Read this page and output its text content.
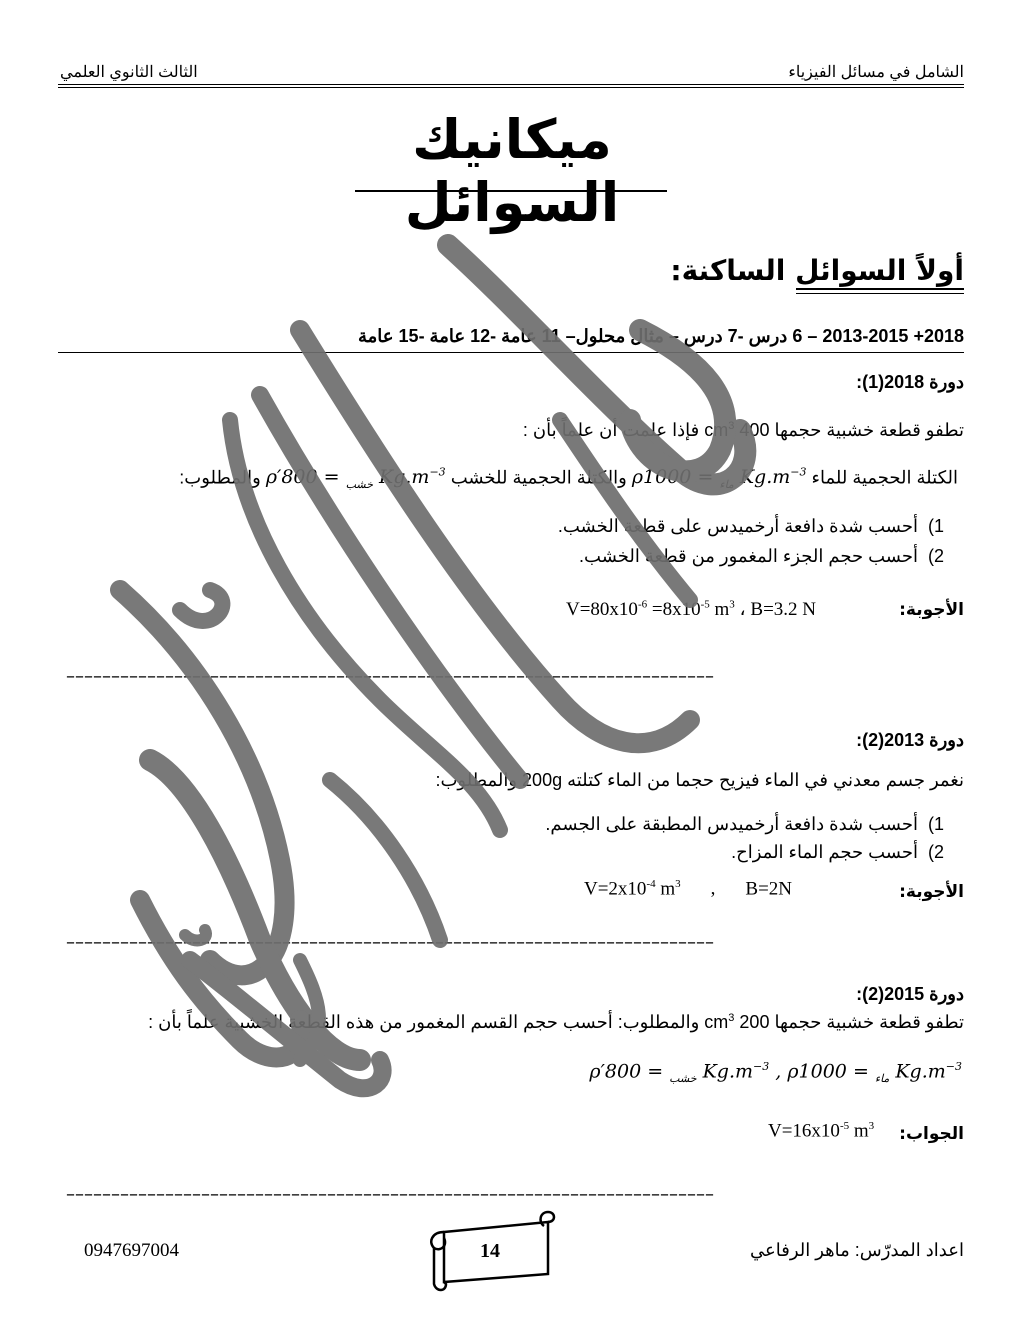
الشامل في مسائل الفيزياء
الثالث الثانوي العلمي
ميكانيك السوائل
أولاً السوائل الساكنة:
2018+ 2013-2015 – 6 درس -7 درس – مثال محلول– 11 عامة -12 عامة -15 عامة
دورة 2018(1):
تطفو قطعة خشبية حجمها 400 $cm^3$ فإذا علمت أن علماً بأن :
الكتلة الحجمية للماء ρ	$_{ماء}$ = 1000 $Kg.m^{-3}$ والكتلة الحجمية للخشب ρ′	$_{خشب}$ = 800 $Kg.m^{-3}$ والمطلوب:
1)
أحسب شدة دافعة أرخميدس على قطعة الخشب.
2)
أحسب حجم الجزء المغمور من قطعة الخشب.
الأجوبة:
$V=80x10^{-6} =8x10^{-5}$ $m^3$ ، B=3.2 N
––––––––––––––––––––––––––––––––––––––––––––––––––––––––––––––––––––––––
دورة 2013(2):
نغمر جسم معدني في الماء فيزيح حجما من الماء كتلته 200g والمطلوب:
1)
أحسب شدة دافعة أرخميدس المطبقة على الجسم.
2)
أحسب حجم الماء المزاح.
الأجوبة:
$V=2x10^{-4}$ $m^3$ , B=2N
––––––––––––––––––––––––––––––––––––––––––––––––––––––––––––––––––––––––
دورة 2015(2):
تطفو قطعة خشبية حجمها 200 $cm^3$ والمطلوب: أحسب حجم القسم المغمور من هذه القطعة الخشبية علماً بأن :
ρ′	$_{خشب}$ = 800 $Kg.m^{-3}$ , ρ	$_{ماء}$ = 1000 $Kg.m^{-3}$
الجواب:
$V=16x10^{-5}$ $m^3$
––––––––––––––––––––––––––––––––––––––––––––––––––––––––––––––––––––––––
اعداد المدرّس: ماهر الرفاعي
0947697004	14
